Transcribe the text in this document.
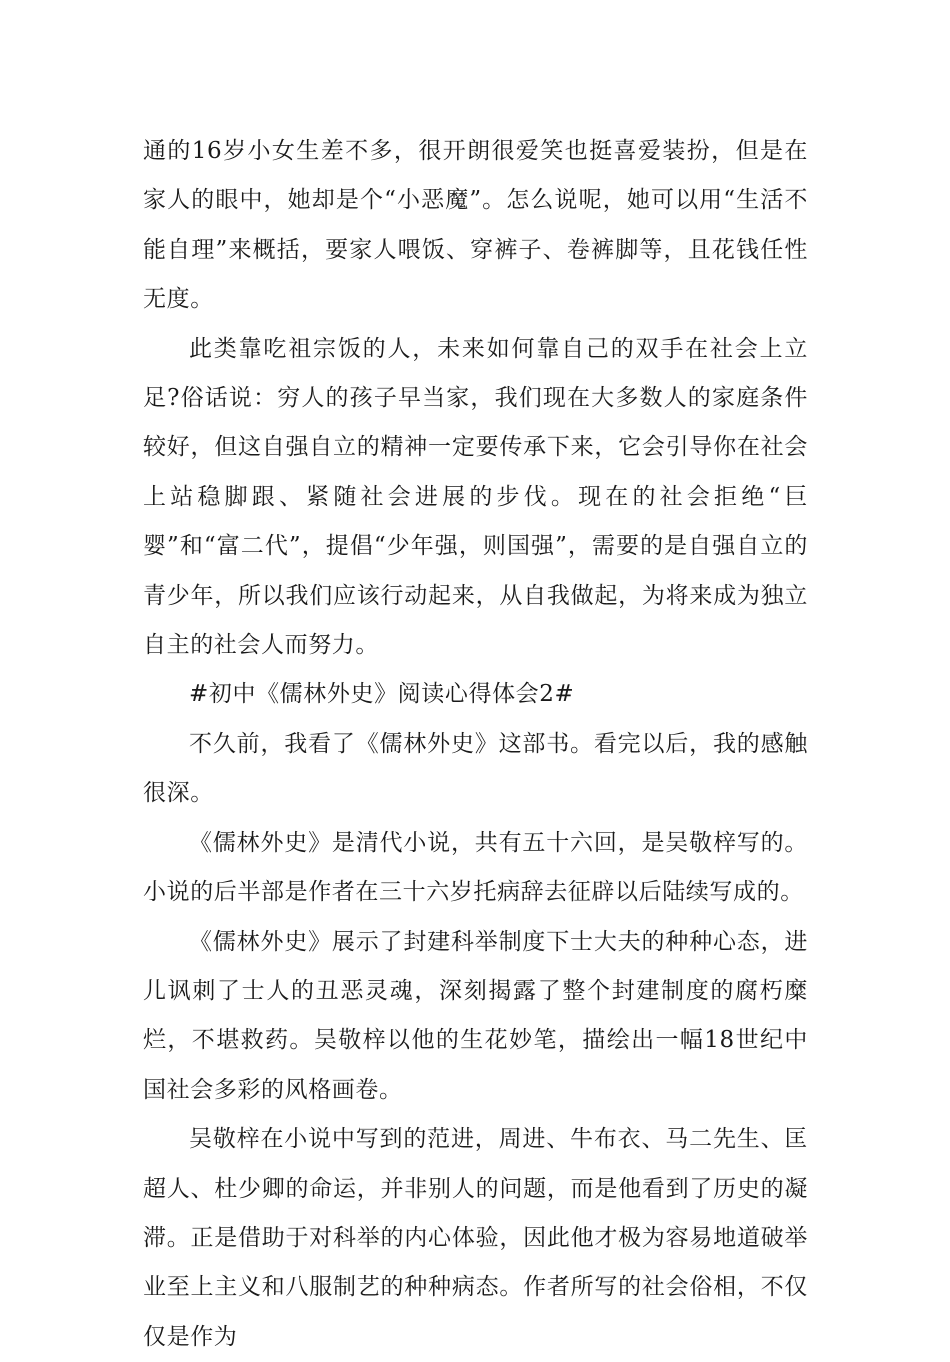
通的16岁小女生差不多，很开朗很爱笑也挺喜爱装扮，但是在家人的眼中，她却是个“小恶魔”。怎么说呢，她可以用“生活不能自理”来概括，要家人喂饭、穿裤子、卷裤脚等，且花钱任性无度。

此类靠吃祖宗饭的人，未来如何靠自己的双手在社会上立足?俗话说：穷人的孩子早当家，我们现在大多数人的家庭条件较好，但这自强自立的精神一定要传承下来，它会引导你在社会上站稳脚跟、紧随社会进展的步伐。现在的社会拒绝“巨婴”和“富二代”，提倡“少年强，则国强”，需要的是自强自立的青少年，所以我们应该行动起来，从自我做起，为将来成为独立自主的社会人而努力。

#初中《儒林外史》阅读心得体会2#

不久前，我看了《儒林外史》这部书。看完以后，我的感触很深。

《儒林外史》是清代小说，共有五十六回，是吴敬梓写的。小说的后半部是作者在三十六岁托病辞去征辟以后陆续写成的。

《儒林外史》展示了封建科举制度下士大夫的种种心态，进儿讽刺了士人的丑恶灵魂，深刻揭露了整个封建制度的腐朽糜烂，不堪救药。吴敬梓以他的生花妙笔，描绘出一幅18世纪中国社会多彩的风格画卷。

吴敬梓在小说中写到的范进，周进、牛布衣、马二先生、匡超人、杜少卿的命运，并非别人的问题，而是他看到了历史的凝滞。正是借助于对科举的内心体验，因此他才极为容易地道破举业至上主义和八服制艺的种种病态。作者所写的社会俗相，不仅仅是作为
